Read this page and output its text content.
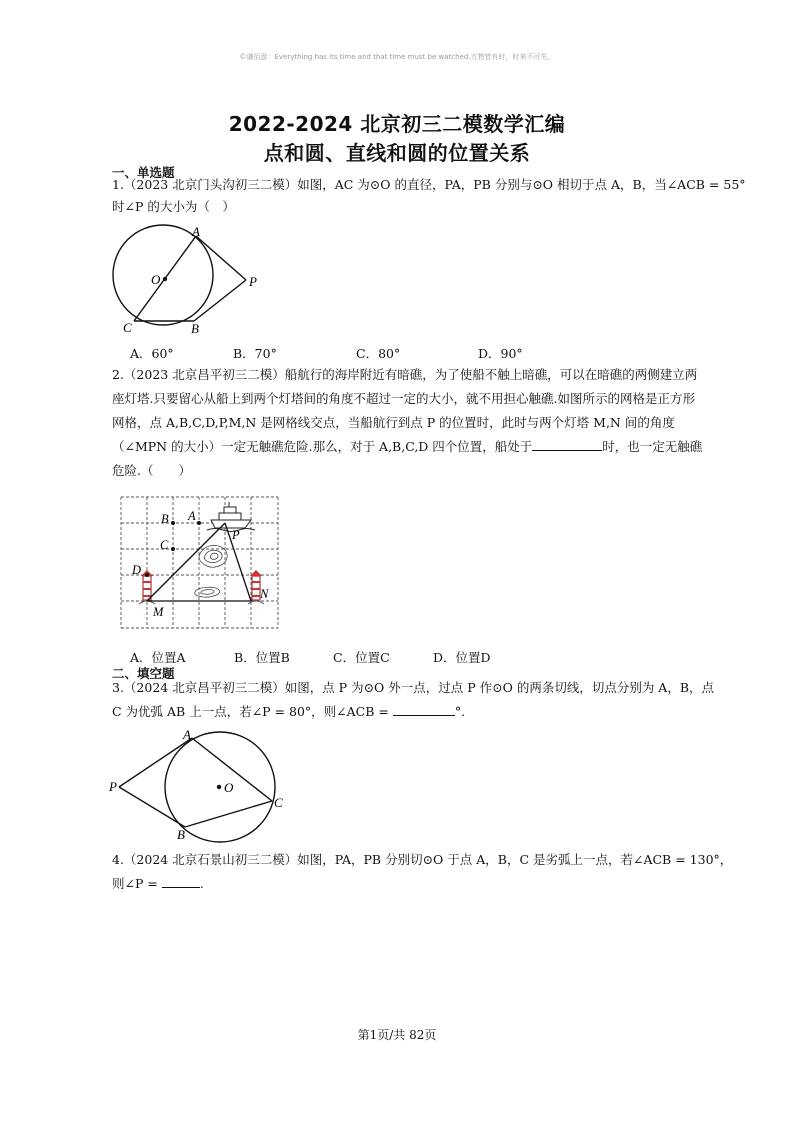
©谦佰游：Everything has its time and that time must be watched.万物皆有时，时来不可失。
2022-2024 北京初三二模数学汇编
点和圆、直线和圆的位置关系
一、单选题
1.（2023 北京门头沟初三二模）如图，AC 为⊙O 的直径，PA，PB 分别与⊙O 相切于点 A，B，当∠ACB = 55°
时∠P 的大小为（　）
A
O	P
C	B
A．60°	B．70°	C．80°	D．90°
2.（2023 北京昌平初三二模）船航行的海岸附近有暗礁，为了使船不触上暗礁，可以在暗礁的两侧建立两
座灯塔.只要留心从船上到两个灯塔间的角度不超过一定的大小，就不用担心触礁.如图所示的网格是正方形
网格，点 A,B,C,D,P,M,N 是网格线交点，当船航行到点 P 的位置时，此时与两个灯塔 M,N 间的角度
（∠MPN 的大小）一定无触礁危险.那么，对于 A,B,C,D 四个位置，船处于	时，也一定无触礁
危险.（　　）
B A
P
C
D
M
N
A．位置A	B．位置B	C．位置C	D．位置D
二、填空题
3.（2024 北京昌平初三二模）如图，点 P 为⊙O 外一点，过点 P 作⊙O 的两条切线，切点分别为 A，B，点
C 为优弧 AB 上一点，若∠P = 80°，则∠ACB =	°.
A
P	O
C
B
4.（2024 北京石景山初三二模）如图，PA，PB 分别切⊙O 于点 A，B，C 是劣弧上一点，若∠ACB = 130°，
则∠P =	.
第1页/共 82页
